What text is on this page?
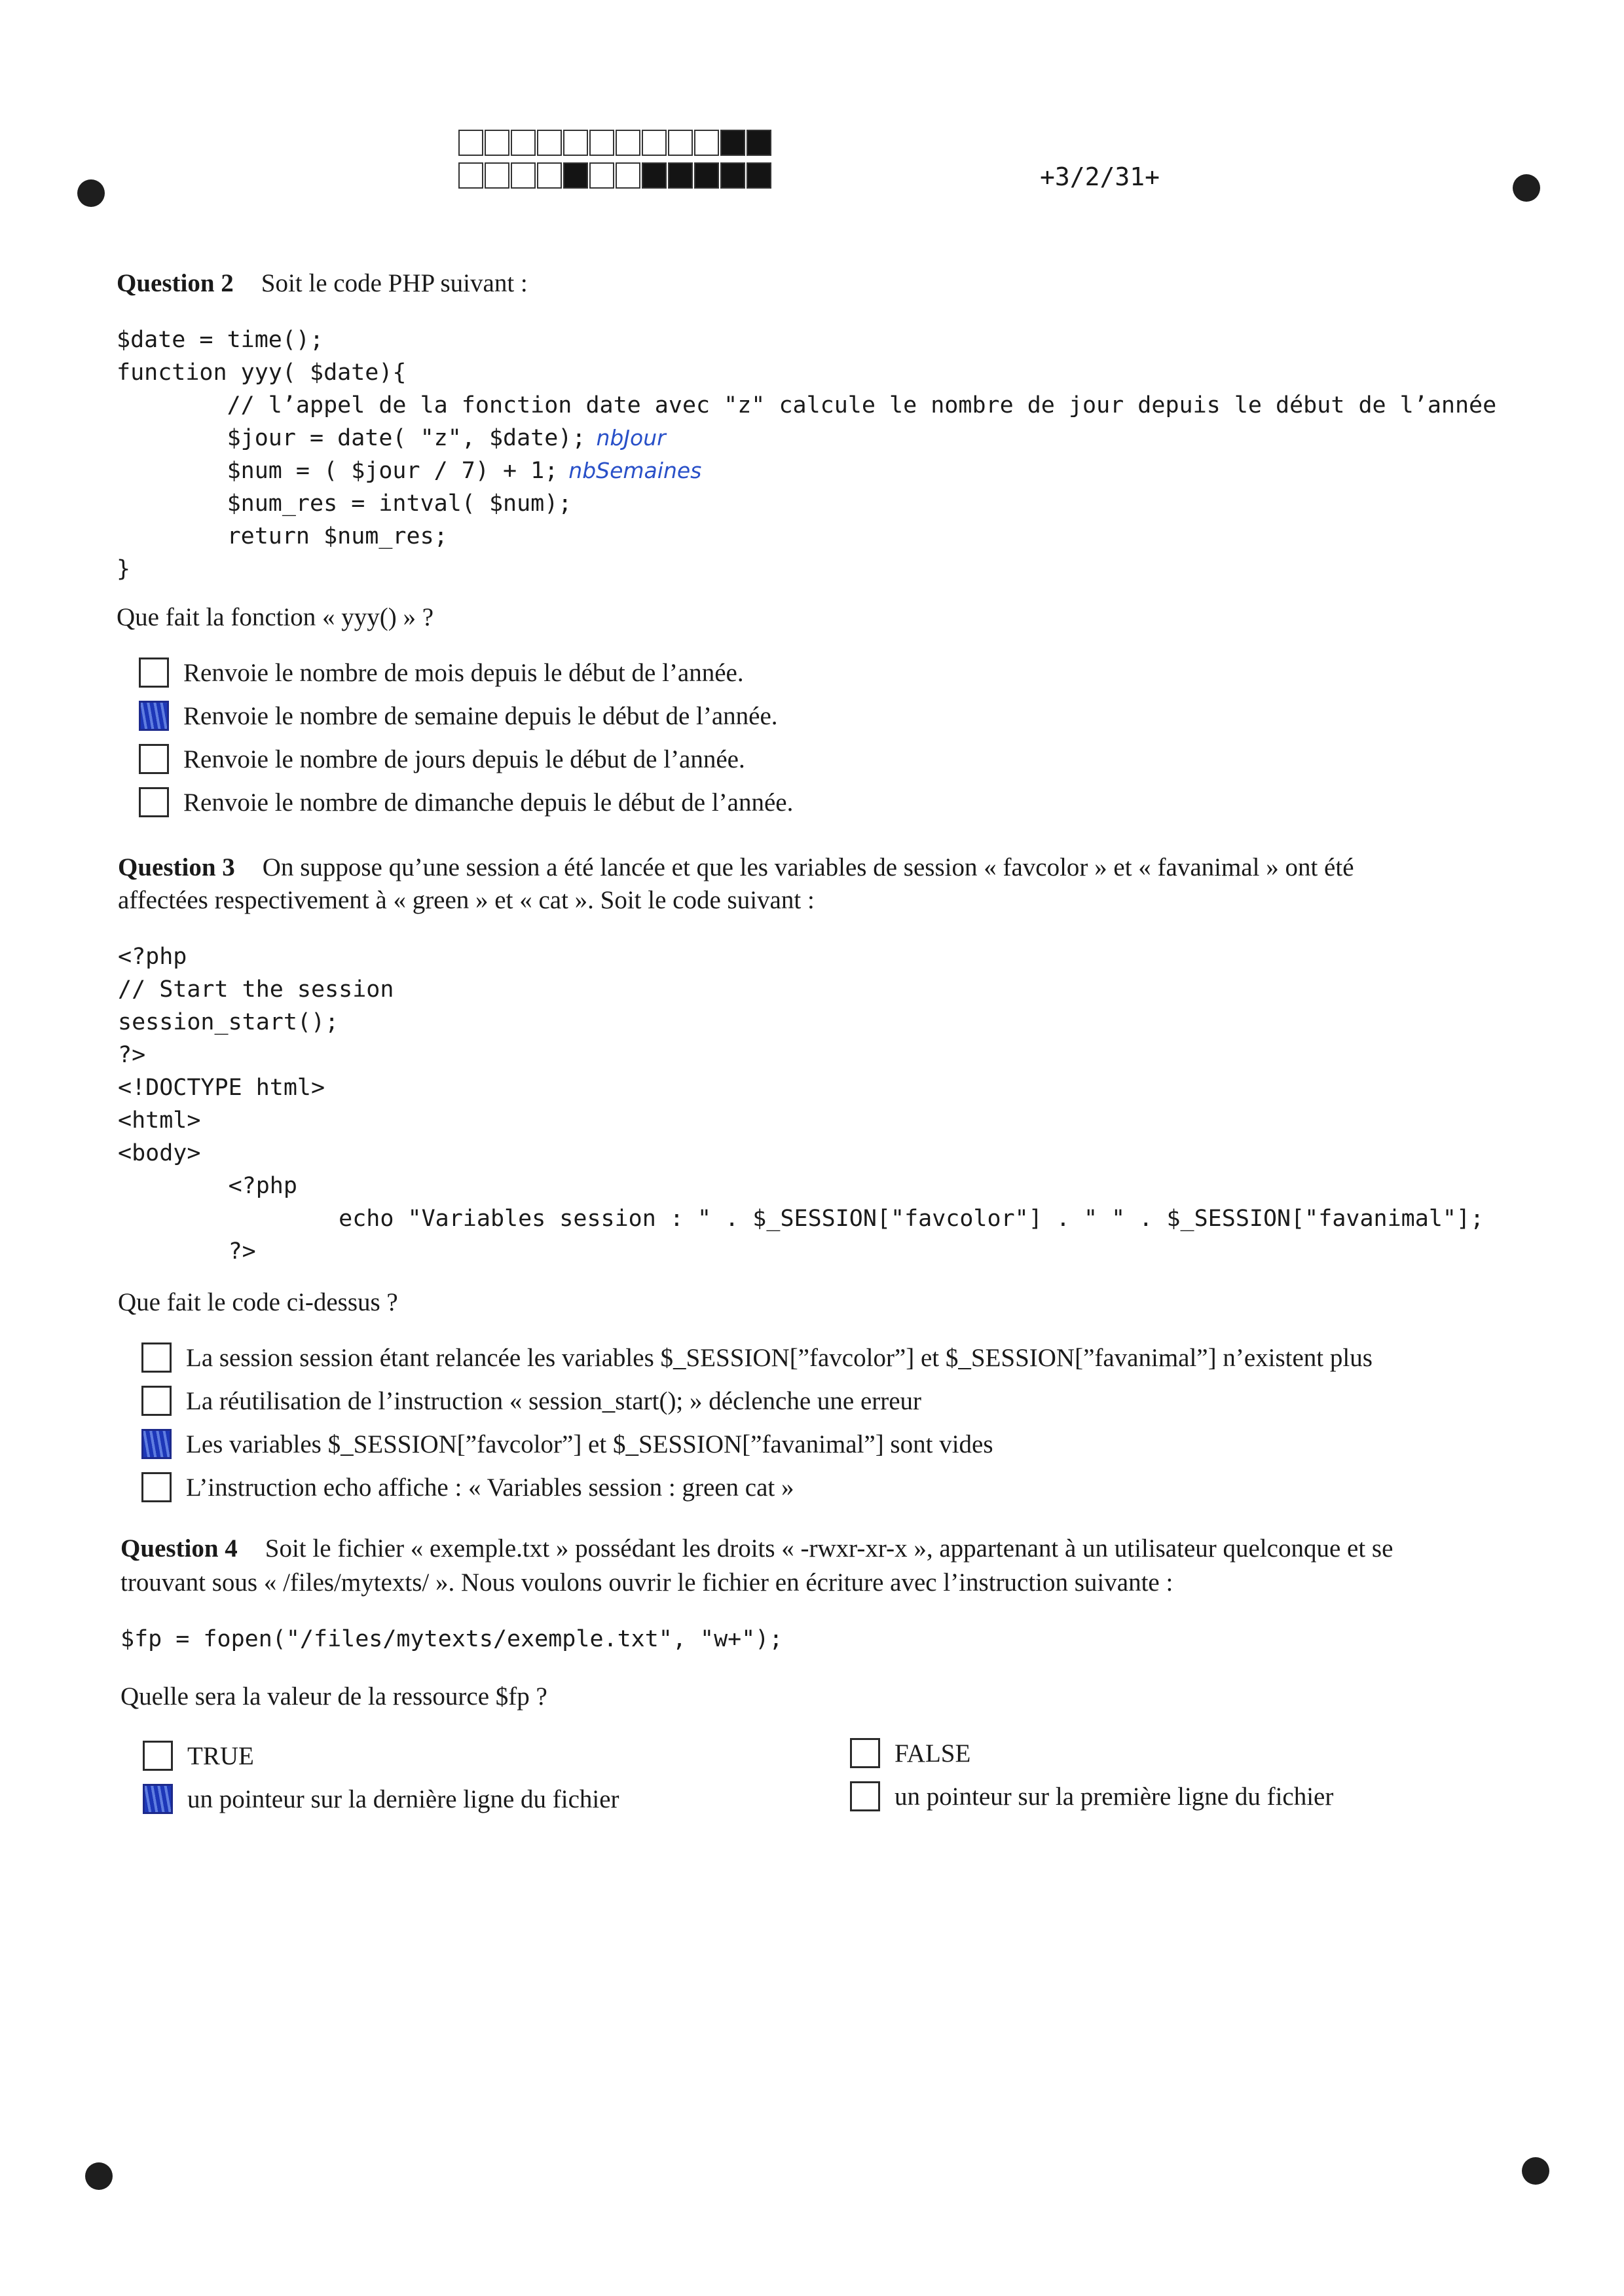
+3/2/31+
Question 2 Soit le code PHP suivant :
$date = time();
function yyy( $date){
// l’appel de la fonction date avec "z" calcule le nombre de jour depuis le début de l’année
$jour = date( "z", $date); nbJour
$num = ( $jour / 7) + 1; nbSemaines
$num_res = intval( $num);
return $num_res;
}
Que fait la fonction « yyy() » ?
Renvoie le nombre de mois depuis le début de l’année.
Renvoie le nombre de semaine depuis le début de l’année.
Renvoie le nombre de jours depuis le début de l’année.
Renvoie le nombre de dimanche depuis le début de l’année.
Question 3 On suppose qu’une session a été lancée et que les variables de session « favcolor » et « favanimal » ont été
affectées respectivement à « green » et « cat ». Soit le code suivant :
<?php
// Start the session
session_start();
?>
<!DOCTYPE html>
<html>
<body>
<?php
echo "Variables session : " . $_SESSION["favcolor"] . " " . $_SESSION["favanimal"];
?>
Que fait le code ci-dessus ?
La session session étant relancée les variables $_SESSION[”favcolor”] et $_SESSION[”favanimal”] n’existent plus
La réutilisation de l’instruction « session_start(); » déclenche une erreur
Les variables $_SESSION[”favcolor”] et $_SESSION[”favanimal”] sont vides
L’instruction echo affiche : « Variables session : green cat »
Question 4 Soit le fichier « exemple.txt » possédant les droits « -rwxr-xr-x », appartenant à un utilisateur quelconque et se
trouvant sous « /files/mytexts/ ». Nous voulons ouvrir le fichier en écriture avec l’instruction suivante :
$fp = fopen("/files/mytexts/exemple.txt", "w+");
Quelle sera la valeur de la ressource $fp ?
TRUE	FALSE
un pointeur sur la dernière ligne du fichier	un pointeur sur la première ligne du fichier
